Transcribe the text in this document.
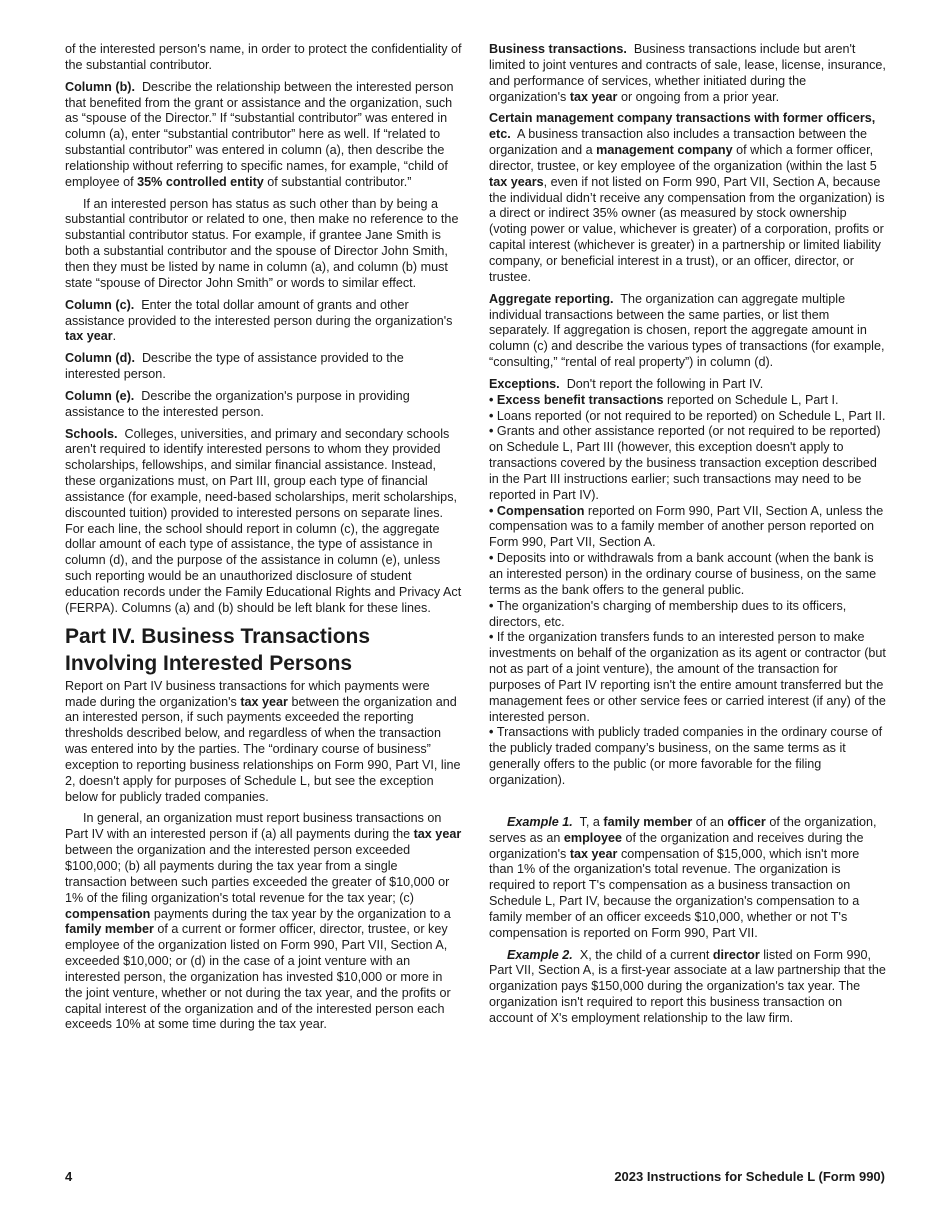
of the interested person's name, in order to protect the confidentiality of the substantial contributor.

Column (b). Describe the relationship between the interested person that benefited from the grant or assistance and the organization, such as “spouse of the Director.” If “substantial contributor” was entered in column (a), enter “substantial contributor” here as well. If “related to substantial contributor” was entered in column (a), then describe the relationship without referring to specific names, for example, “child of employee of 35% controlled entity of substantial contributor.”

If an interested person has status as such other than by being a substantial contributor or related to one, then make no reference to the substantial contributor status. For example, if grantee Jane Smith is both a substantial contributor and the spouse of Director John Smith, then they must be listed by name in column (a), and column (b) must state “spouse of Director John Smith” or words to similar effect.

Column (c). Enter the total dollar amount of grants and other assistance provided to the interested person during the organization's tax year.

Column (d). Describe the type of assistance provided to the interested person.

Column (e). Describe the organization's purpose in providing assistance to the interested person.

Schools. Colleges, universities, and primary and secondary schools aren't required to identify interested persons to whom they provided scholarships, fellowships, and similar financial assistance. Instead, these organizations must, on Part III, group each type of financial assistance (for example, need-based scholarships, merit scholarships, discounted tuition) provided to interested persons on separate lines. For each line, the school should report in column (c), the aggregate dollar amount of each type of assistance, the type of assistance in column (d), and the purpose of the assistance in column (e), unless such reporting would be an unauthorized disclosure of student education records under the Family Educational Rights and Privacy Act (FERPA). Columns (a) and (b) should be left blank for these lines.

Part IV. Business Transactions Involving Interested Persons

Report on Part IV business transactions for which payments were made during the organization's tax year between the organization and an interested person, if such payments exceeded the reporting thresholds described below, and regardless of when the transaction was entered into by the parties. The “ordinary course of business” exception to reporting business relationships on Form 990, Part VI, line 2, doesn't apply for purposes of Schedule L, but see the exception below for publicly traded companies.

In general, an organization must report business transactions on Part IV with an interested person if (a) all payments during the tax year between the organization and the interested person exceeded $100,000; (b) all payments during the tax year from a single transaction between such parties exceeded the greater of $10,000 or 1% of the filing organization's total revenue for the tax year; (c) compensation payments during the tax year by the organization to a family member of a current or former officer, director, trustee, or key employee of the organization listed on Form 990, Part VII, Section A, exceeded $10,000; or (d) in the case of a joint venture with an interested person, the organization has invested $10,000 or more in the joint venture, whether or not during the tax year, and the profits or capital interest of the organization and of the interested person each exceeds 10% at some time during the tax year.

Business transactions. Business transactions include but aren't limited to joint ventures and contracts of sale, lease, license, insurance, and performance of services, whether initiated during the organization's tax year or ongoing from a prior year.

Certain management company transactions with former officers, etc. A business transaction also includes a transaction between the organization and a management company of which a former officer, director, trustee, or key employee of the organization (within the last 5 tax years, even if not listed on Form 990, Part VII, Section A, because the individual didn’t receive any compensation from the organization) is a direct or indirect 35% owner (as measured by stock ownership (voting power or value, whichever is greater) of a corporation, profits or capital interest (whichever is greater) in a partnership or limited liability company, or beneficial interest in a trust), or an officer, director, or trustee.

Aggregate reporting. The organization can aggregate multiple individual transactions between the same parties, or list them separately. If aggregation is chosen, report the aggregate amount in column (c) and describe the various types of transactions (for example, “consulting,” “rental of real property”) in column (d).

Exceptions. Don't report the following in Part IV.

• Excess benefit transactions reported on Schedule L, Part I.

• Loans reported (or not required to be reported) on Schedule L, Part II.

• Grants and other assistance reported (or not required to be reported) on Schedule L, Part III (however, this exception doesn't apply to transactions covered by the business transaction exception described in the Part III instructions earlier; such transactions may need to be reported in Part IV).

• Compensation reported on Form 990, Part VII, Section A, unless the compensation was to a family member of another person reported on Form 990, Part VII, Section A.

• Deposits into or withdrawals from a bank account (when the bank is an interested person) in the ordinary course of business, on the same terms as the bank offers to the general public.

• The organization's charging of membership dues to its officers, directors, etc.

• If the organization transfers funds to an interested person to make investments on behalf of the organization as its agent or contractor (but not as part of a joint venture), the amount of the transaction for purposes of Part IV reporting isn't the entire amount transferred but the management fees or other service fees or carried interest (if any) of the interested person.

• Transactions with publicly traded companies in the ordinary course of the publicly traded company’s business, on the same terms as it generally offers to the public (or more favorable for the filing organization).

Example 1. T, a family member of an officer of the organization, serves as an employee of the organization and receives during the organization's tax year compensation of $15,000, which isn't more than 1% of the organization's total revenue. The organization is required to report T's compensation as a business transaction on Schedule L, Part IV, because the organization's compensation to a family member of an officer exceeds $10,000, whether or not T's compensation is reported on Form 990, Part VII.

Example 2. X, the child of a current director listed on Form 990, Part VII, Section A, is a first-year associate at a law partnership that the organization pays $150,000 during the organization's tax year. The organization isn't required to report this business transaction on account of X's employment relationship to the law firm.

4	2023 Instructions for Schedule L (Form 990)
